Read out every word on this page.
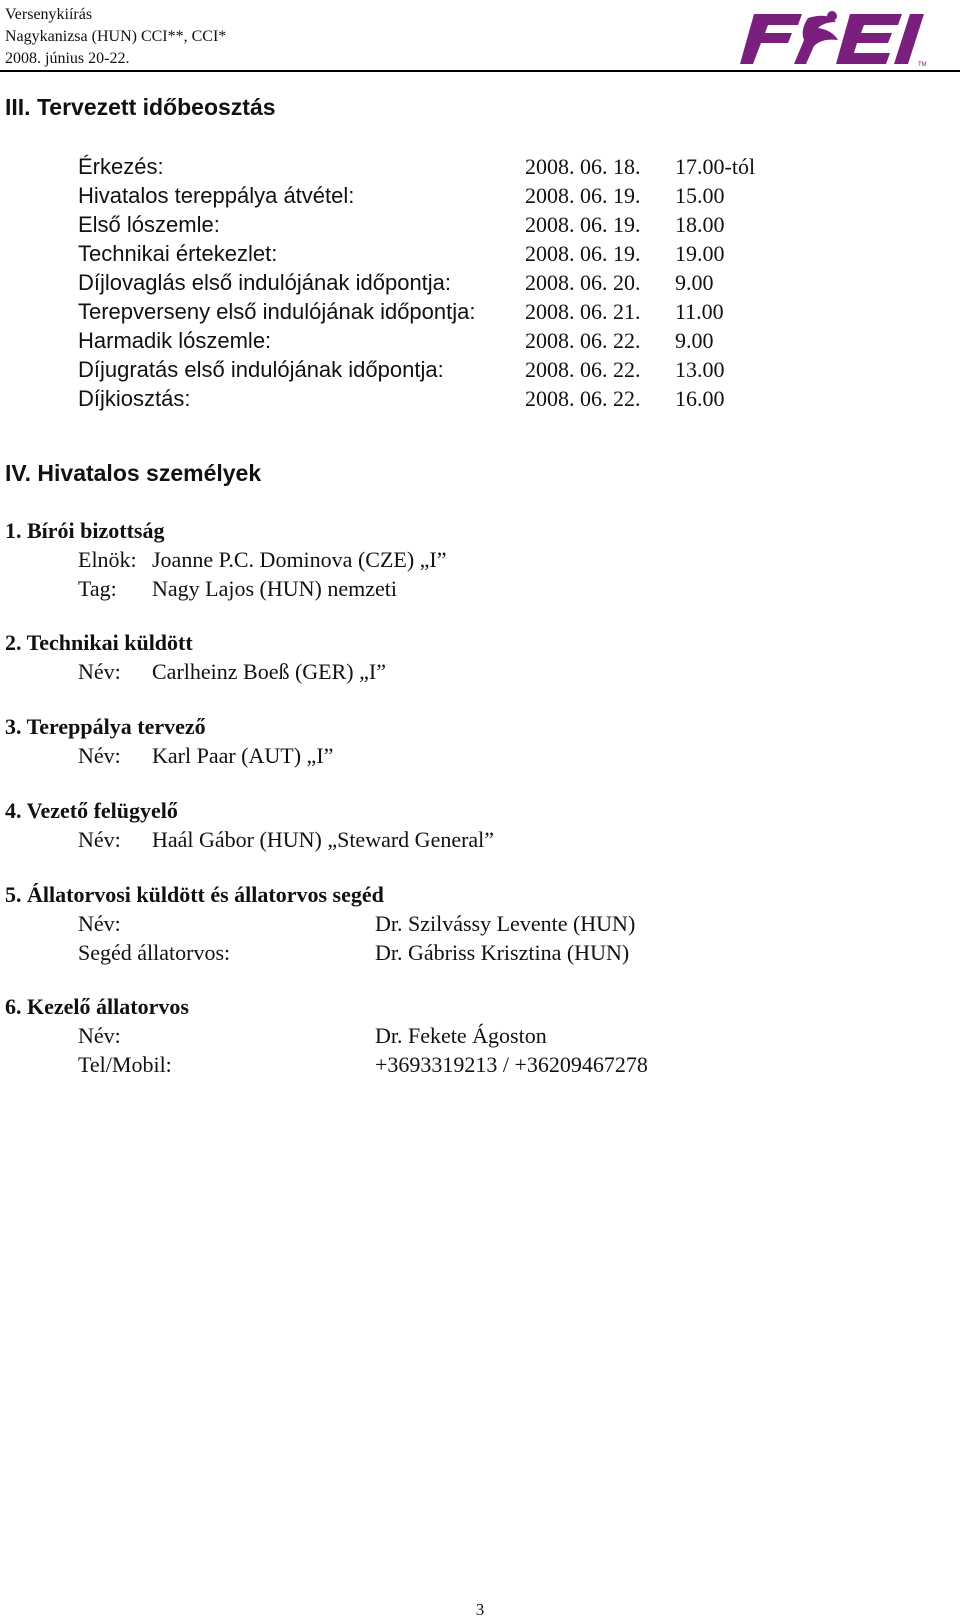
Versenykiírás
Nagykanizsa (HUN) CCI**, CCI*
2008. június 20-22.	TM
III. Tervezett időbeosztás
Érkezés:	2008. 06. 18. 17.00-tól
Hivatalos tereppálya átvétel:	2008. 06. 19. 15.00
Első lószemle:	2008. 06. 19. 18.00
Technikai értekezlet:	2008. 06. 19. 19.00
Díjlovaglás első indulójának időpontja:	2008. 06. 20. 9.00
Terepverseny első indulójának időpontja: 2008. 06. 21. 11.00
Harmadik lószemle:	2008. 06. 22. 9.00
Díjugratás első indulójának időpontja:	2008. 06. 22. 13.00
Díjkiosztás:	2008. 06. 22. 16.00
IV. Hivatalos személyek
1. Bírói bizottság
Elnök: Joanne P.C. Dominova (CZE) „I”
Tag: Nagy Lajos (HUN) nemzeti
2. Technikai küldött
Név: Carlheinz Boeß (GER) „I”
3. Tereppálya tervező
Név: Karl Paar (AUT) „I”
4. Vezető felügyelő
Név: Haál Gábor (HUN) „Steward General”
5. Állatorvosi küldött és állatorvos segéd
Név:	Dr. Szilvássy Levente (HUN)
Segéd állatorvos:	Dr. Gábriss Krisztina (HUN)
6. Kezelő állatorvos
Név:	Dr. Fekete Ágoston
Tel/Mobil:	+3693319213 / +36209467278
3
